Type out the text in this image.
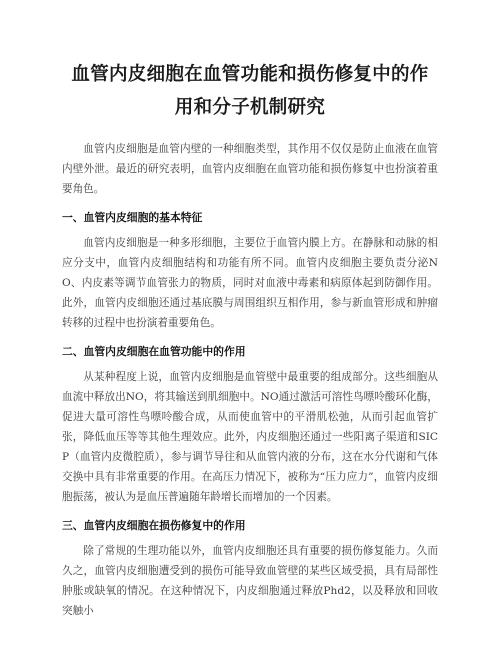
血管内皮细胞在血管功能和损伤修复中的作
用和分子机制研究

血管内皮细胞是血管内壁的一种细胞类型，其作用不仅仅是防止血液在血管内壁外泄。最近的研究表明，血管内皮细胞在血管功能和损伤修复中也扮演着重要角色。

一、血管内皮细胞的基本特征

血管内皮细胞是一种多形细胞，主要位于血管内膜上方。在静脉和动脉的相应分支中，血管内皮细胞结构和功能有所不同。血管内皮细胞主要负责分泌NO、内皮素等调节血管张力的物质，同时对血液中毒素和病原体起到防御作用。此外，血管内皮细胞还通过基底膜与周围组织互相作用，参与新血管形成和肿瘤转移的过程中也扮演着重要角色。

二、血管内皮细胞在血管功能中的作用

从某种程度上说，血管内皮细胞是血管壁中最重要的组成部分。这些细胞从血流中释放出NO，将其输送到肌细胞中。NO通过激活可溶性鸟嘌呤酸环化酶，促进大量可溶性鸟嘌呤酸合成，从而使血管中的平滑肌松弛，从而引起血管扩张，降低血压等等其他生理效应。此外，内皮细胞还通过一些阳离子渠道和SICP（血管内皮微腔质），参与调节导往和从血管内液的分布，这在水分代谢和气体交换中具有非常重要的作用。在高压力情况下，被称为“压力应力”，血管内皮细胞振荡，被认为是血压普遍随年龄增长而增加的一个因素。

三、血管内皮细胞在损伤修复中的作用

除了常规的生理功能以外，血管内皮细胞还具有重要的损伤修复能力。久而久之，血管内皮细胞遭受到的损伤可能导致血管壁的某些区域受损，具有局部性肿胀或缺氧的情况。在这种情况下，内皮细胞通过释放Phd2，以及释放和回收突触小
